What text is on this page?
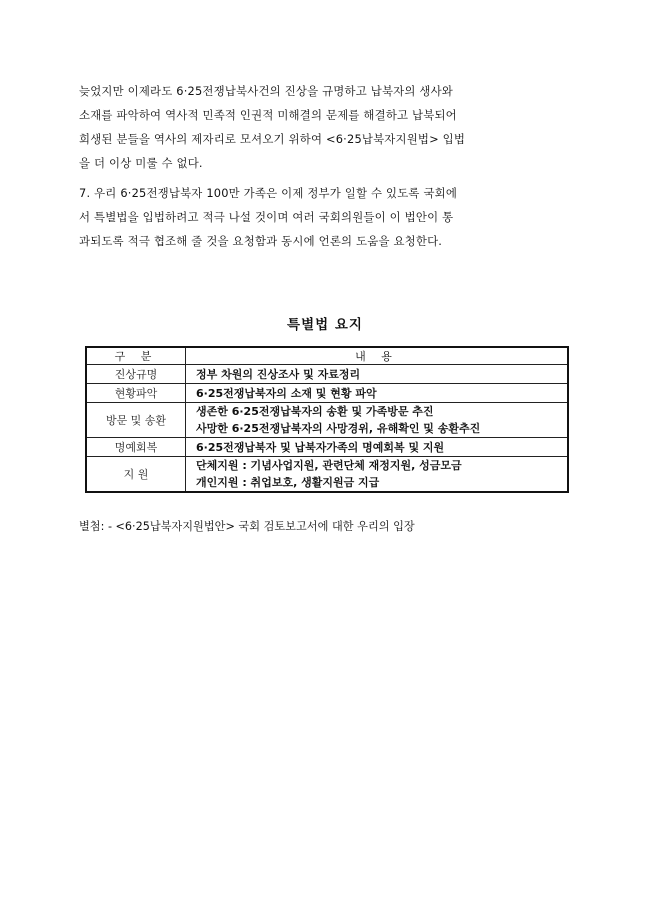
늦었지만 이제라도 6·25전쟁납북사건의 진상을 규명하고 납북자의 생사와
소재를 파악하여 역사적 민족적 인권적 미해결의 문제를 해결하고 납북되어
희생된 분들을 역사의 제자리로 모셔오기 위하여 <6·25납북자지원법> 입법
을 더 이상 미룰 수 없다.
7. 우리 6·25전쟁납북자 100만 가족은 이제 정부가 일할 수 있도록 국회에
서 특별법을 입법하려고 적극 나설 것이며 여러 국회의원들이 이 법안이 통
과되도록 적극 협조해 줄 것을 요청함과 동시에 언론의 도움을 요청한다.
특별법 요지
구 분	내 용
진상규명	정부 차원의 진상조사 및 자료정리

현황파악	6·25전쟁납북자의 소재 및 현황 파악

방문 및 송환	생존한 6·25전쟁납북자의 송환 및 가족방문 추진
사망한 6·25전쟁납북자의 사망경위, 유해확인 및 송환추진

명예회복	6·25전쟁납북자 및 납북자가족의 명예회복 및 지원

지 원	단체지원 : 기념사업지원, 관련단체 재정지원, 성금모금
개인지원 : 취업보호, 생활지원금 지급
별첨: - <6·25납북자지원법안> 국회 검토보고서에 대한 우리의 입장
